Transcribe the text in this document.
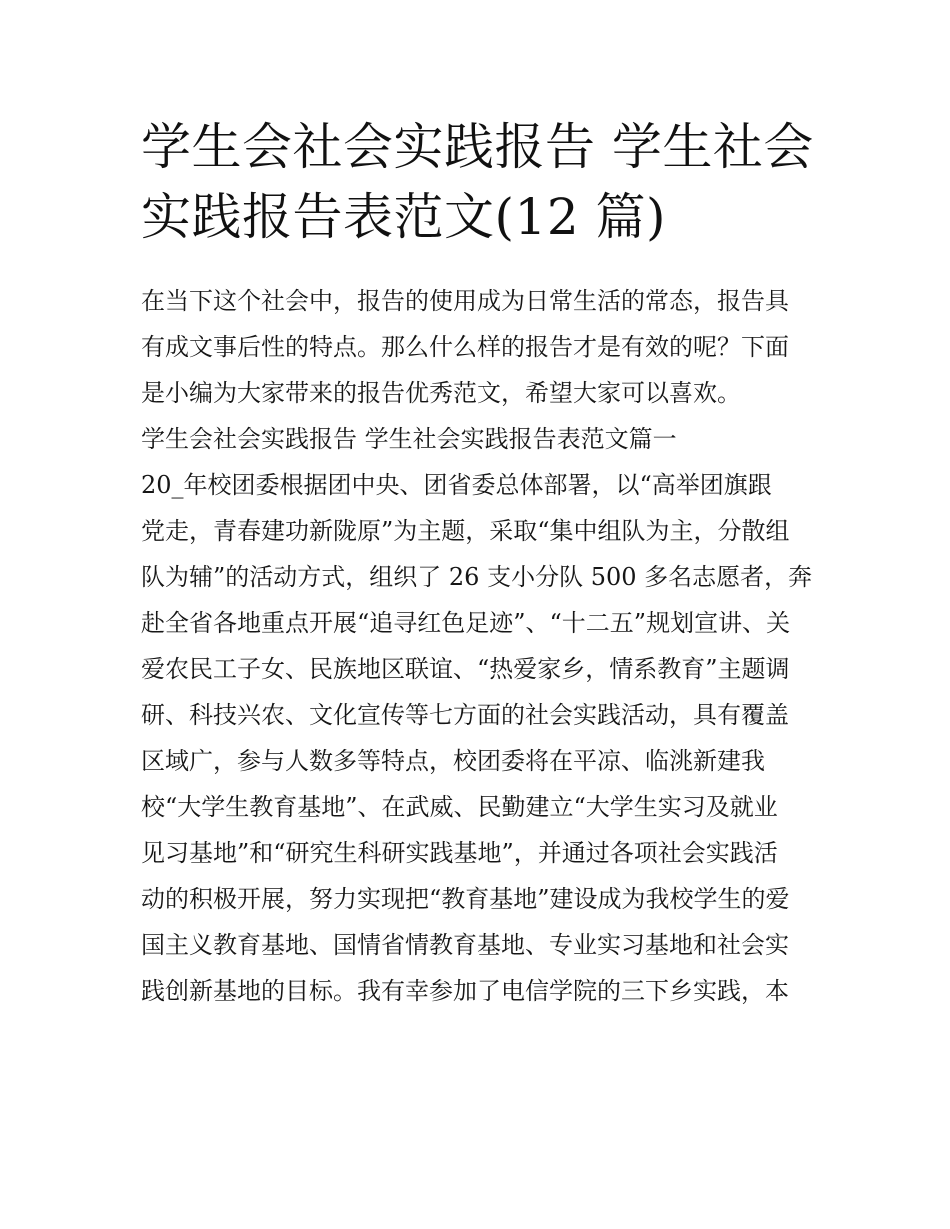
学生会社会实践报告 学生社会
实践报告表范文(12 篇)
在当下这个社会中，报告的使用成为日常生活的常态，报告具
有成文事后性的特点。那么什么样的报告才是有效的呢？下面
是小编为大家带来的报告优秀范文，希望大家可以喜欢。
学生会社会实践报告 学生社会实践报告表范文篇一
20_年校团委根据团中央、团省委总体部署，以“高举团旗跟
党走，青春建功新陇原”为主题，采取“集中组队为主，分散组
队为辅”的活动方式，组织了 26 支小分队 500 多名志愿者，奔
赴全省各地重点开展“追寻红色足迹”、“十二五”规划宣讲、关
爱农民工子女、民族地区联谊、“热爱家乡，情系教育”主题调
研、科技兴农、文化宣传等七方面的社会实践活动，具有覆盖
区域广，参与人数多等特点，校团委将在平凉、临洮新建我
校“大学生教育基地”、在武威、民勤建立“大学生实习及就业
见习基地”和“研究生科研实践基地”，并通过各项社会实践活
动的积极开展，努力实现把“教育基地”建设成为我校学生的爱
国主义教育基地、国情省情教育基地、专业实习基地和社会实
践创新基地的目标。我有幸参加了电信学院的三下乡实践，本
